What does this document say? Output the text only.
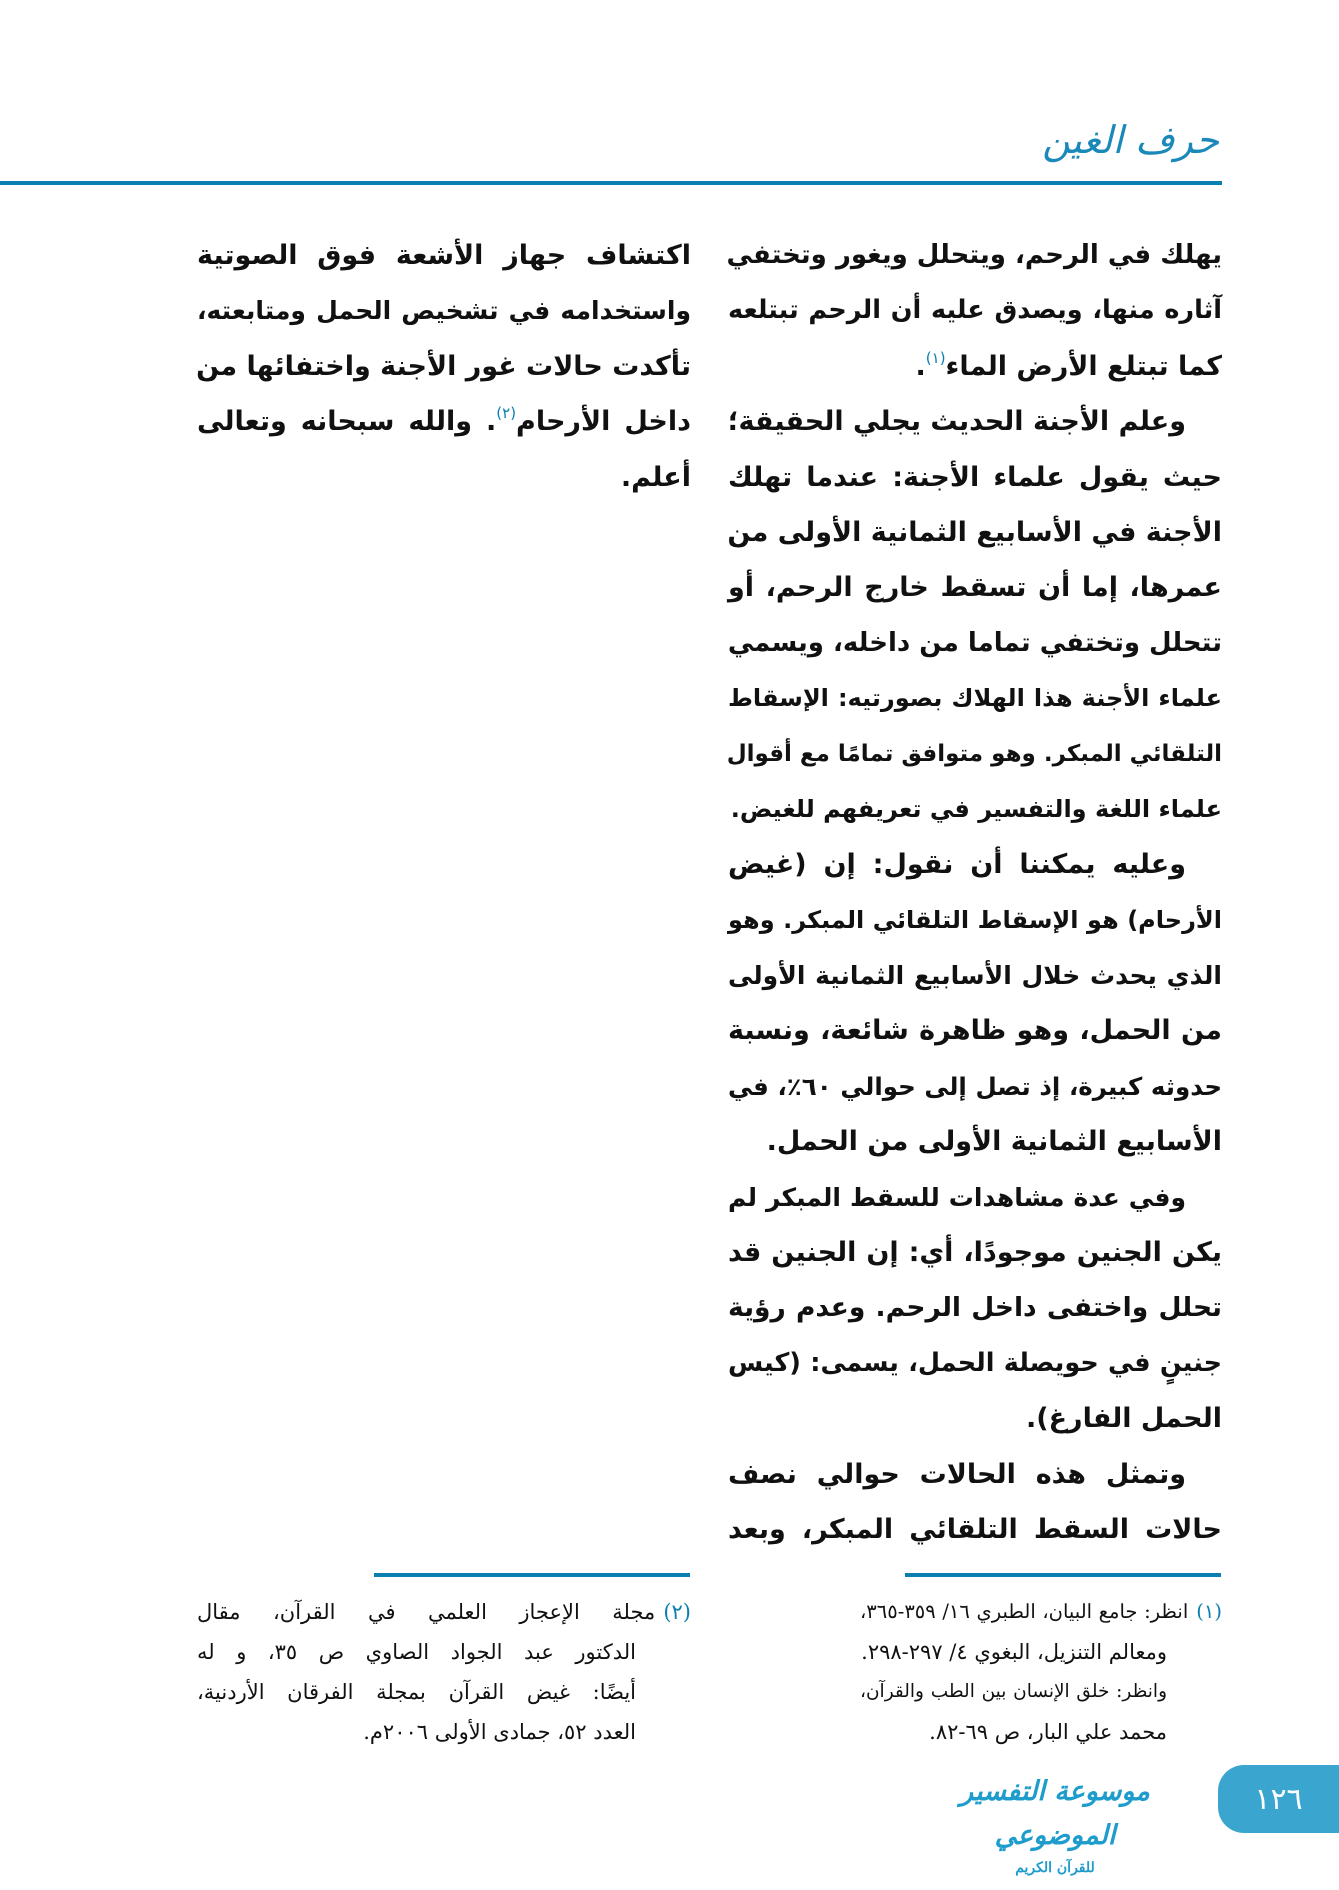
حرف الغين
يهلك في الرحم، ويتحلل ويغور وتختفي
آثاره منها، ويصدق عليه أن الرحم تبتلعه
كما تبتلع الأرض الماء$^{(١)}$.
وعلم الأجنة الحديث يجلي الحقيقة؛
حيث يقول علماء الأجنة: عندما تهلك
الأجنة في الأسابيع الثمانية الأولى من
عمرها، إما أن تسقط خارج الرحم، أو
تتحلل وتختفي تماما من داخله، ويسمي
علماء الأجنة هذا الهلاك بصورتيه: الإسقاط
التلقائي المبكر. وهو متوافق تمامًا مع أقوال
علماء اللغة والتفسير في تعريفهم للغيض.
وعليه يمكننا أن نقول: إن (غيض
الأرحام) هو الإسقاط التلقائي المبكر. وهو
الذي يحدث خلال الأسابيع الثمانية الأولى
من الحمل، وهو ظاهرة شائعة، ونسبة
حدوثه كبيرة، إذ تصل إلى حوالي ٦٠٪، في
الأسابيع الثمانية الأولى من الحمل.
وفي عدة مشاهدات للسقط المبكر لم
يكن الجنين موجودًا، أي: إن الجنين قد
تحلل واختفى داخل الرحم. وعدم رؤية
جنينٍ في حويصلة الحمل، يسمى: (كيس
الحمل الفارغ).
وتمثل هذه الحالات حوالي نصف
حالات السقط التلقائي المبكر، وبعد
اكتشاف جهاز الأشعة فوق الصوتية
واستخدامه في تشخيص الحمل ومتابعته،
تأكدت حالات غور الأجنة واختفائها من
داخل الأرحام$^{(٢)}$. والله سبحانه وتعالى
أعلم.
(١)انظر: جامع البيان، الطبري ١٦/ ٣٥٩-٣٦٥،
ومعالم التنزيل، البغوي ٤/ ٢٩٧-٢٩٨.
وانظر: خلق الإنسان بين الطب والقرآن،
محمد علي البار، ص ٦٩-٨٢.
(٢)مجلة الإعجاز العلمي في القرآن، مقال
الدكتور عبد الجواد الصاوي ص ٣٥، و له
أيضًا: غيض القرآن بمجلة الفرقان الأردنية،
العدد ٥٢، جمادى الأولى ٢٠٠٦م.
موسوعة التفسير الموضوعي
للقرآن الكريم
١٢٦
